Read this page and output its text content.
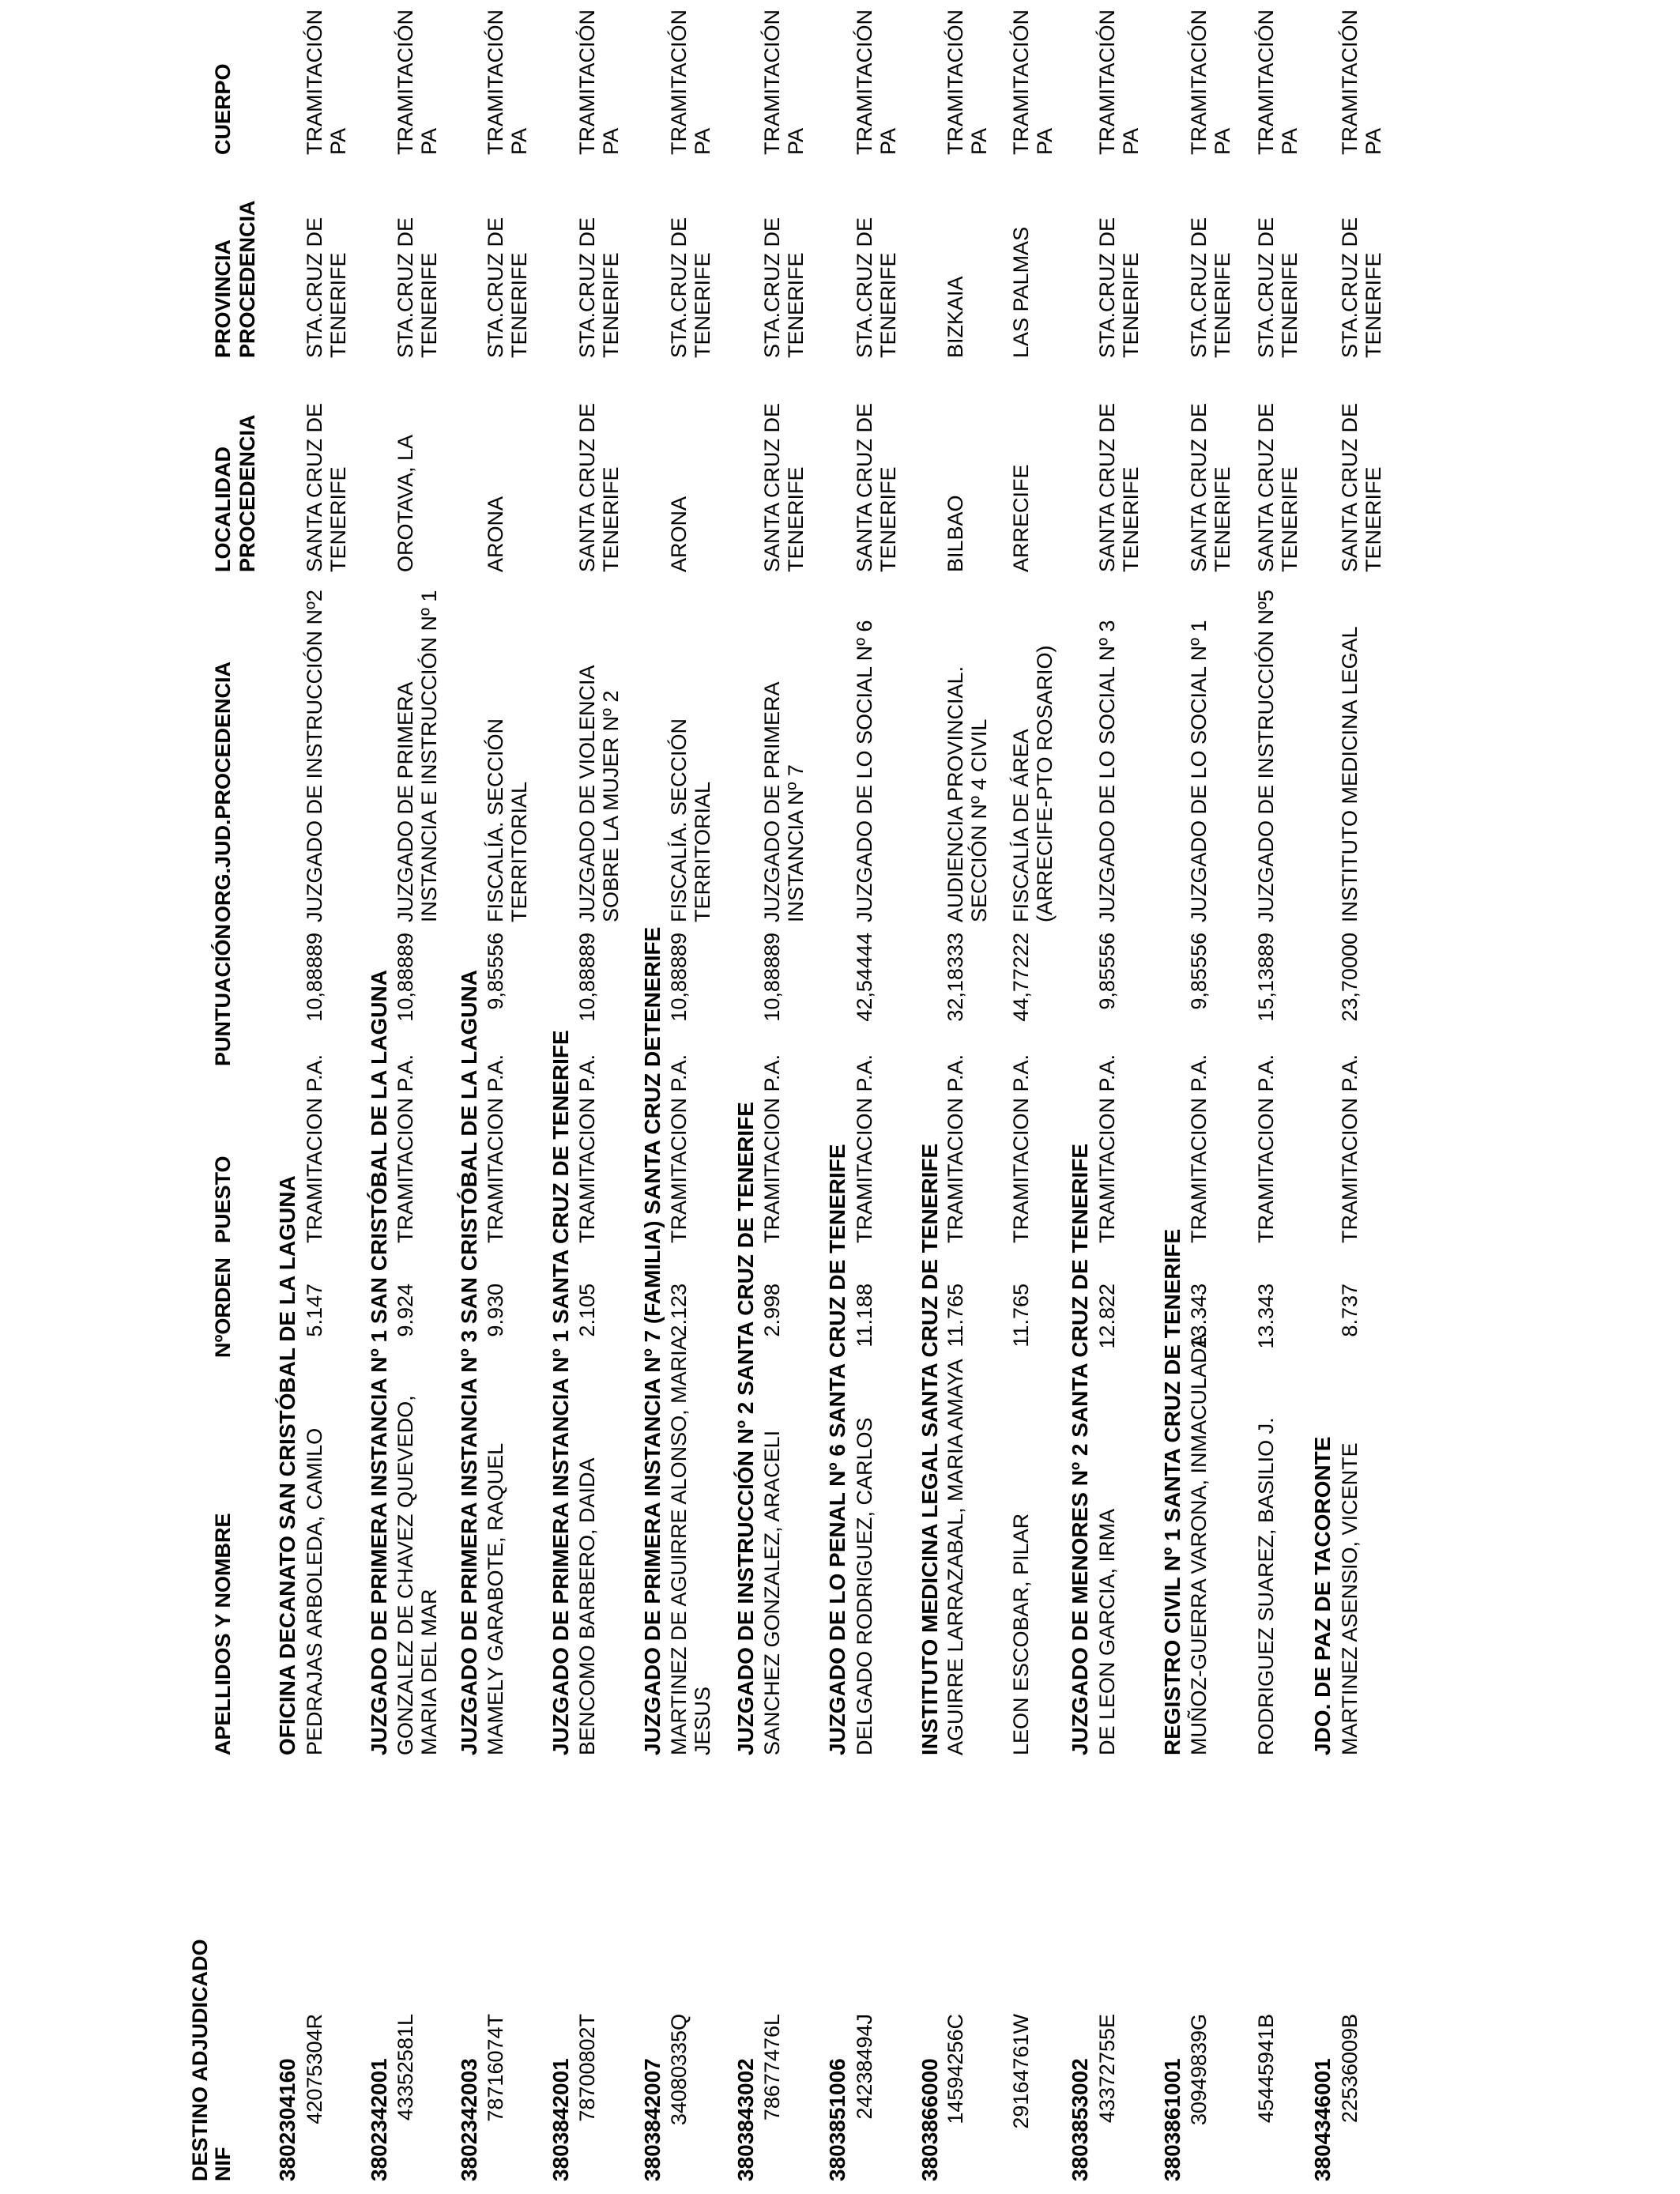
DESTINO ADJUDICADO NIF
APELLIDOS Y NOMBRE
NºORDEN
PUESTO
PUNTUACIÓN
ORG.JUD.PROCEDENCIA
LOCALIDAD PROCEDENCIA
PROVINCIA PROCEDENCIA
CUERPO
3802304160
OFICINA DECANATO SAN CRISTÓBAL DE LA LAGUNA
42075304R
PEDRAJAS ARBOLEDA, CAMILO
5.147
TRAMITACION P.A.
10,88889
JUZGADO DE INSTRUCCIÓN Nº2
SANTA CRUZ DE TENERIFE
STA.CRUZ DE TENERIFE
TRAMITACIÓN PA
3802342001
JUZGADO DE PRIMERA INSTANCIA Nº 1 SAN CRISTÓBAL DE LA LAGUNA
43352581L
GONZALEZ DE CHAVEZ QUEVEDO, MARIA DEL MAR
9.924
TRAMITACION P.A.
10,88889
JUZGADO DE PRIMERA INSTANCIA E INSTRUCCIÓN Nº 1
OROTAVA, LA
STA.CRUZ DE TENERIFE
TRAMITACIÓN PA
3802342003
JUZGADO DE PRIMERA INSTANCIA Nº 3 SAN CRISTÓBAL DE LA LAGUNA
78716074T
MAMELY GARABOTE, RAQUEL
9.930
TRAMITACION P.A.
9,85556
FISCALÍA. SECCIÓN TERRITORIAL
ARONA
STA.CRUZ DE TENERIFE
TRAMITACIÓN PA
3803842001
JUZGADO DE PRIMERA INSTANCIA Nº 1 SANTA CRUZ DE TENERIFE
78700802T
BENCOMO BARBERO, DAIDA
2.105
TRAMITACION P.A.
10,88889
JUZGADO DE VIOLENCIA SOBRE LA MUJER Nº 2
SANTA CRUZ DE TENERIFE
STA.CRUZ DE TENERIFE
TRAMITACIÓN PA
3803842007
JUZGADO DE PRIMERA INSTANCIA Nº 7 (FAMILIA) SANTA CRUZ DETENERIFE
34080335Q
MARTINEZ DE AGUIRRE ALONSO, MARIA JESUS
2.123
TRAMITACION P.A.
10,88889
FISCALÍA. SECCIÓN TERRITORIAL
ARONA
STA.CRUZ DE TENERIFE
TRAMITACIÓN PA
3803843002
JUZGADO DE INSTRUCCIÓN Nº 2 SANTA CRUZ DE TENERIFE
78677476L
SANCHEZ GONZALEZ, ARACELI
2.998
TRAMITACION P.A.
10,88889
JUZGADO DE PRIMERA INSTANCIA Nº 7
SANTA CRUZ DE TENERIFE
STA.CRUZ DE TENERIFE
TRAMITACIÓN PA
3803851006
JUZGADO DE LO PENAL Nº 6 SANTA CRUZ DE TENERIFE
24238494J
DELGADO RODRIGUEZ, CARLOS
11.188
TRAMITACION P.A.
42,54444
JUZGADO DE LO SOCIAL Nº 6
SANTA CRUZ DE TENERIFE
STA.CRUZ DE TENERIFE
TRAMITACIÓN PA
3803866000
INSTITUTO MEDICINA LEGAL SANTA CRUZ DE TENERIFE
14594256C
AGUIRRE LARRAZABAL, MARIA AMAYA
11.765
TRAMITACION P.A.
32,18333
AUDIENCIA PROVINCIAL. SECCIÓN Nº 4 CIVIL
BILBAO
BIZKAIA
TRAMITACIÓN PA
29164761W
LEON ESCOBAR, PILAR
11.765
TRAMITACION P.A.
44,77222
FISCALÍA DE ÁREA (ARRECIFE-PTO ROSARIO)
ARRECIFE
LAS PALMAS
TRAMITACIÓN PA
3803853002
JUZGADO DE MENORES Nº 2 SANTA CRUZ DE TENERIFE
43372755E
DE LEON GARCIA, IRMA
12.822
TRAMITACION P.A.
9,85556
JUZGADO DE LO SOCIAL Nº 3
SANTA CRUZ DE TENERIFE
STA.CRUZ DE TENERIFE
TRAMITACIÓN PA
3803861001
REGISTRO CIVIL Nº 1 SANTA CRUZ DE TENERIFE
30949839G
MUÑOZ-GUERRA VARONA, INMACULADA
13.343
TRAMITACION P.A.
9,85556
JUZGADO DE LO SOCIAL Nº 1
SANTA CRUZ DE TENERIFE
STA.CRUZ DE TENERIFE
TRAMITACIÓN PA
45445941B
RODRIGUEZ SUAREZ, BASILIO J.
13.343
TRAMITACION P.A.
15,13889
JUZGADO DE INSTRUCCIÓN Nº5
SANTA CRUZ DE TENERIFE
STA.CRUZ DE TENERIFE
TRAMITACIÓN PA
3804346001
JDO. DE PAZ DE TACORONTE
22536009B
MARTINEZ ASENSIO, VICENTE
8.737
TRAMITACION P.A.
23,70000
INSTITUTO MEDICINA LEGAL
SANTA CRUZ DE TENERIFE
STA.CRUZ DE TENERIFE
TRAMITACIÓN PA
